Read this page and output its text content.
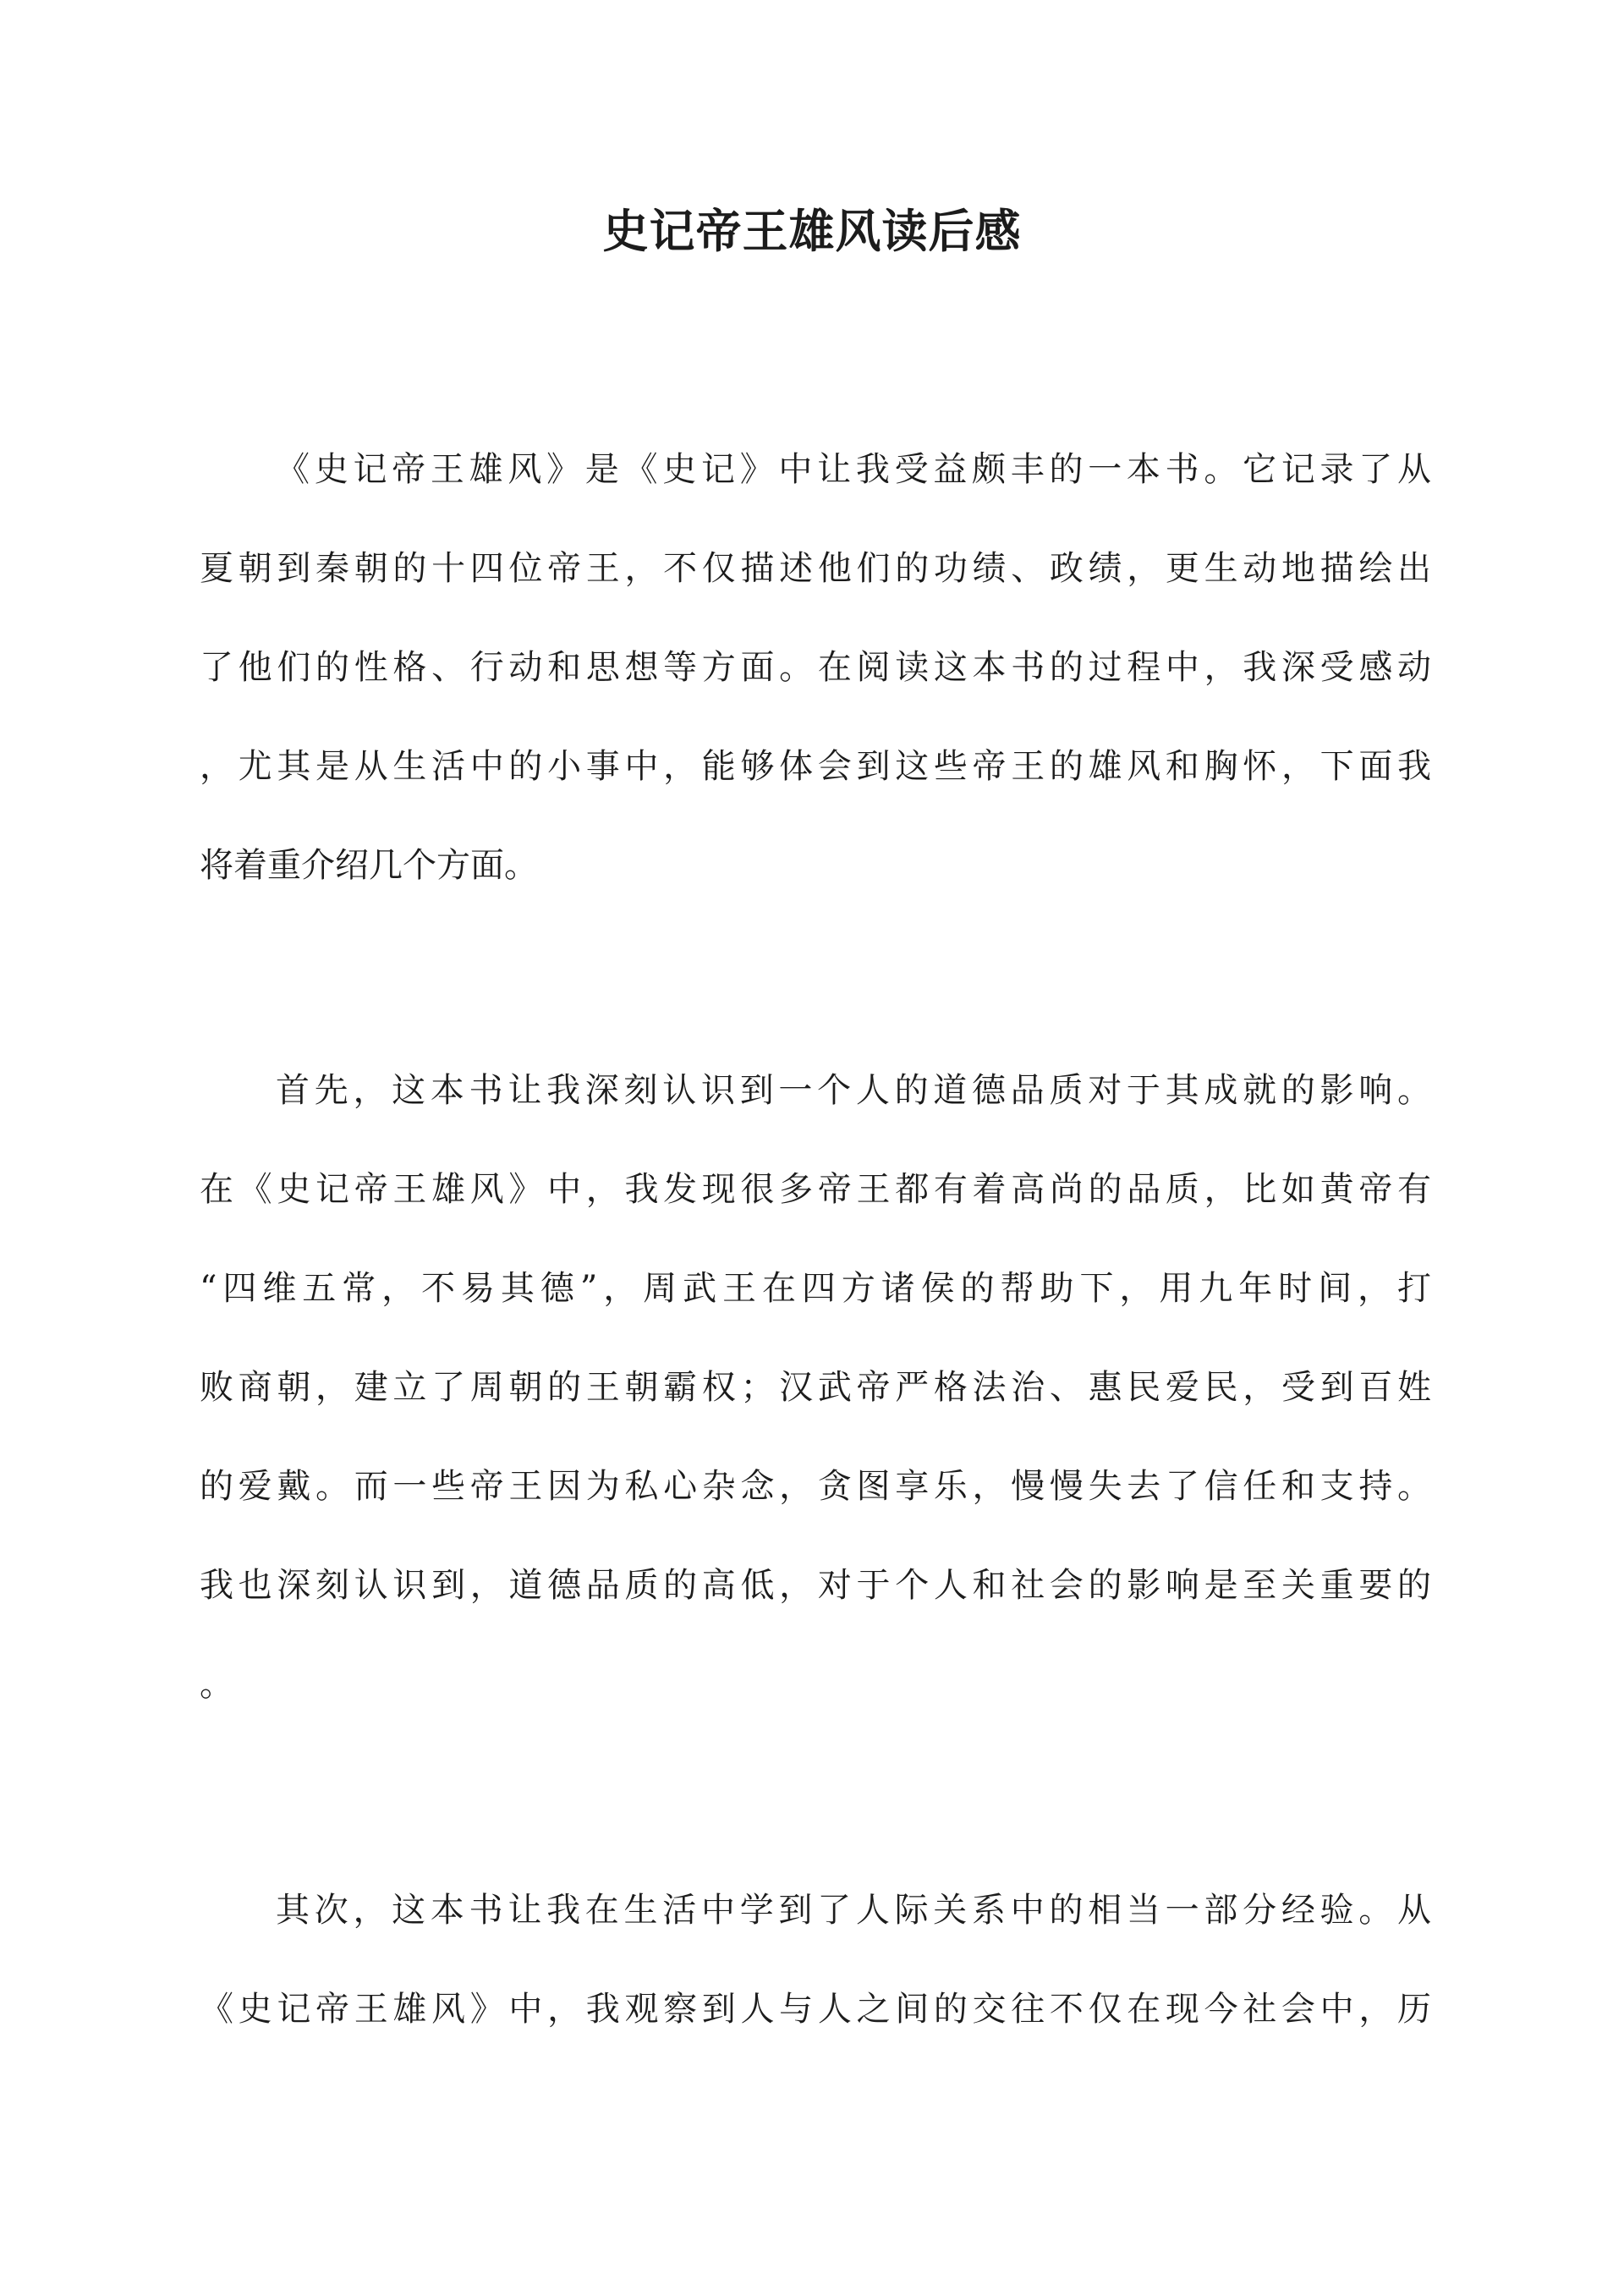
史记帝王雄风读后感
《史记帝王雄风》是《史记》中让我受益颇丰的一本书。它记录了从
夏朝到秦朝的十四位帝王，不仅描述他们的功绩、政绩，更生动地描绘出
了他们的性格、行动和思想等方面。在阅读这本书的过程中，我深受感动
，尤其是从生活中的小事中，能够体会到这些帝王的雄风和胸怀，下面我
将着重介绍几个方面。
首先，这本书让我深刻认识到一个人的道德品质对于其成就的影响。
在《史记帝王雄风》中，我发现很多帝王都有着高尚的品质，比如黄帝有
“四维五常，不易其德”，周武王在四方诸侯的帮助下，用九年时间，打
败商朝，建立了周朝的王朝霸权；汉武帝严格法治、惠民爱民，受到百姓
的爱戴。而一些帝王因为私心杂念，贪图享乐，慢慢失去了信任和支持。
我也深刻认识到，道德品质的高低，对于个人和社会的影响是至关重要的
。
其次，这本书让我在生活中学到了人际关系中的相当一部分经验。从
《史记帝王雄风》中，我观察到人与人之间的交往不仅在现今社会中，历
